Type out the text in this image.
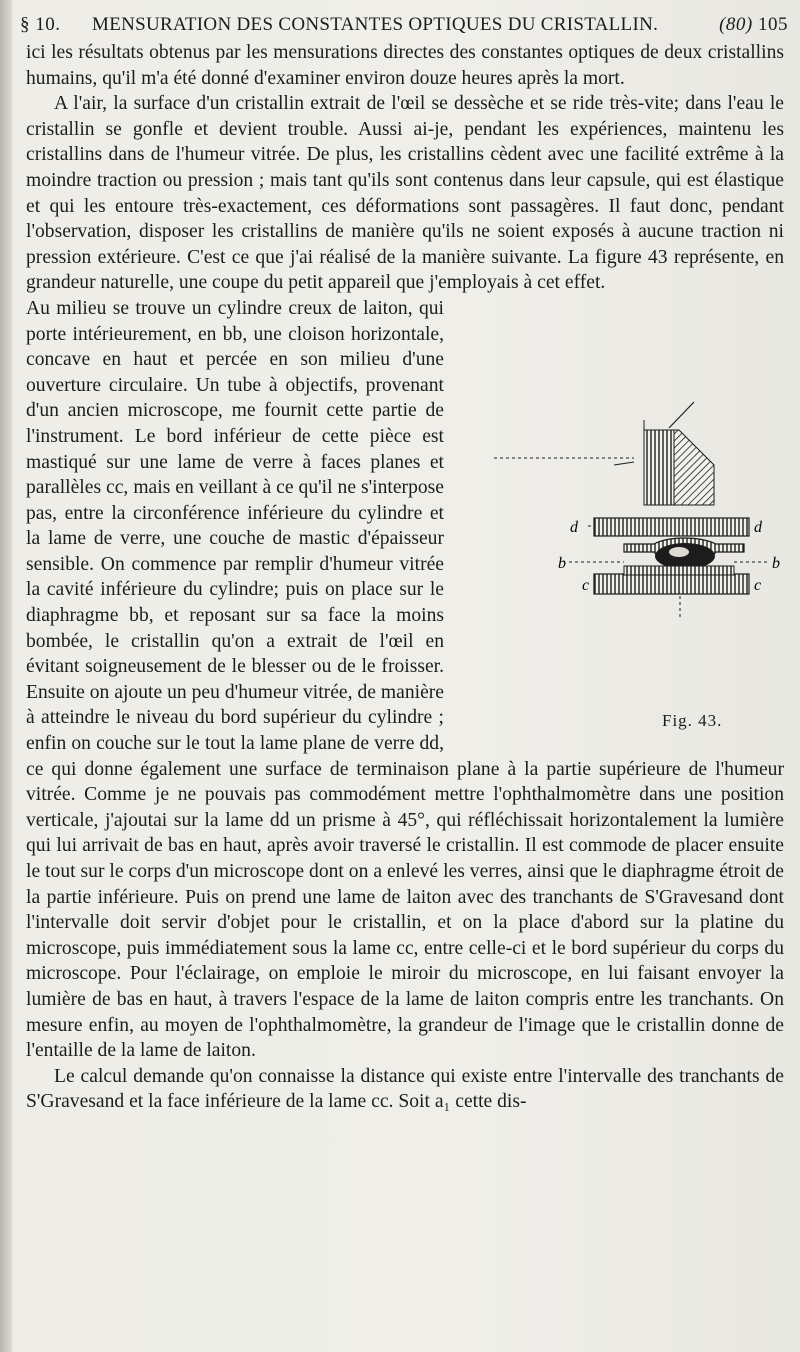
§ 10. MENSURATION DES CONSTANTES OPTIQUES DU CRISTALLIN.	(80) 105

ici les résultats obtenus par les mensurations directes des constantes optiques de deux cristallins humains, qu'il m'a été donné d'examiner environ douze heures après la mort.

A l'air, la surface d'un cristallin extrait de l'œil se dessèche et se ride très-vite; dans l'eau le cristallin se gonfle et devient trouble. Aussi ai-je, pendant les expériences, maintenu les cristallins dans de l'humeur vitrée. De plus, les cristallins cèdent avec une facilité extrême à la moindre traction ou pression ; mais tant qu'ils sont contenus dans leur capsule, qui est élastique et qui les entoure très-exactement, ces déformations sont passagères. Il faut donc, pendant l'observation, disposer les cristallins de manière qu'ils ne soient exposés à aucune traction ni pression extérieure. C'est ce que j'ai réalisé de la manière suivante. La figure 43 représente, en grandeur naturelle, une coupe du petit appareil que j'employais à cet effet.

d	d
b	b
c	c
Fig. 43.

Au milieu se trouve un cylindre creux de laiton, qui porte intérieurement, en bb, une cloison horizontale, concave en haut et percée en son milieu d'une ouverture circulaire. Un tube à objectifs, provenant d'un ancien microscope, me fournit cette partie de l'instrument. Le bord inférieur de cette pièce est mastiqué sur une lame de verre à faces planes et parallèles cc, mais en veillant à ce qu'il ne s'interpose pas, entre la circonférence inférieure du cylindre et la lame de verre, une couche de mastic d'épaisseur sensible. On commence par remplir d'humeur vitrée la cavité inférieure du cylindre; puis on place sur le diaphragme bb, et reposant sur sa face la moins bombée, le cristallin qu'on a extrait de l'œil en évitant soigneusement de le blesser ou de le froisser. Ensuite on ajoute un peu d'humeur vitrée, de manière à atteindre le niveau du bord supérieur du cylindre ; enfin on couche sur le tout la lame plane de verre dd, ce qui donne également une surface de terminaison plane à la partie supérieure de l'humeur vitrée. Comme je ne pouvais pas commodément mettre l'ophthalmomètre dans une position verticale, j'ajoutai sur la lame dd un prisme à 45°, qui réfléchissait horizontalement la lumière qui lui arrivait de bas en haut, après avoir traversé le cristallin. Il est commode de placer ensuite le tout sur le corps d'un microscope dont on a enlevé les verres, ainsi que le diaphragme étroit de la partie inférieure. Puis on prend une lame de laiton avec des tranchants de S'Gravesand dont l'intervalle doit servir d'objet pour le cristallin, et on la place d'abord sur la platine du microscope, puis immédiatement sous la lame cc, entre celle-ci et le bord supérieur du corps du microscope. Pour l'éclairage, on emploie le miroir du microscope, en lui faisant envoyer la lumière de bas en haut, à travers l'espace de la lame de laiton compris entre les tranchants. On mesure enfin, au moyen de l'ophthalmomètre, la grandeur de l'image que le cristallin donne de l'entaille de la lame de laiton.

Le calcul demande qu'on connaisse la distance qui existe entre l'intervalle des tranchants de S'Gravesand et la face inférieure de la lame cc. Soit a₁ cette dis-
